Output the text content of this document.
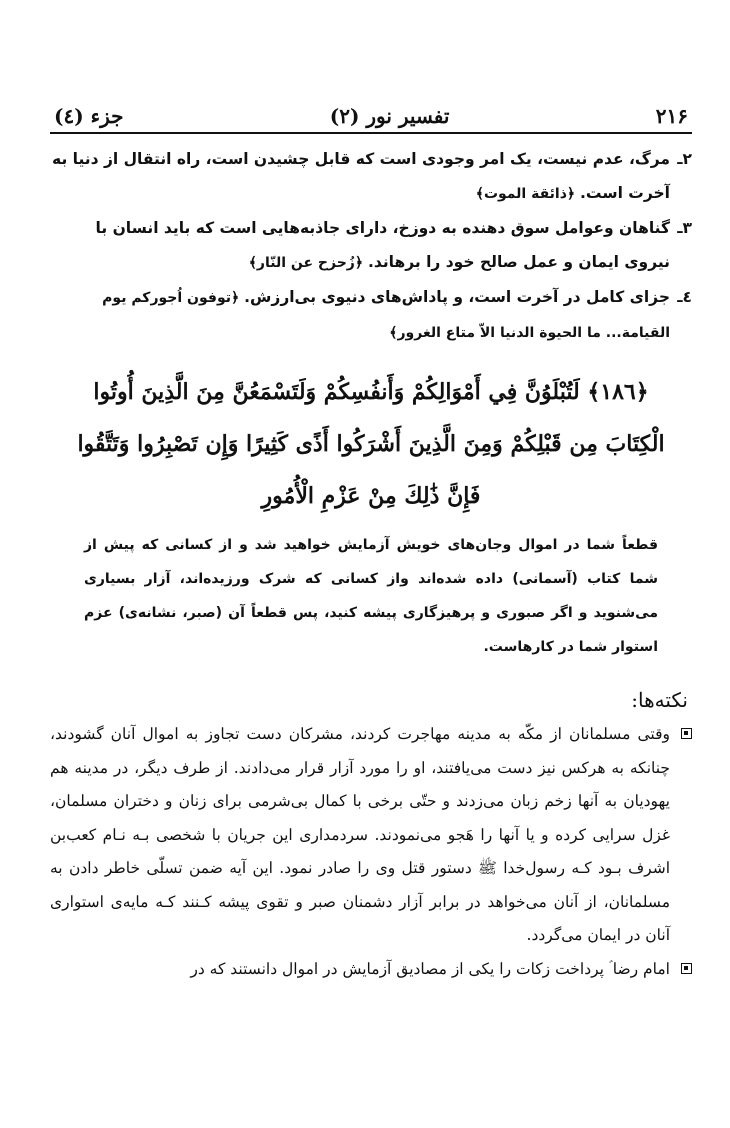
۲۱۶
تفسیر نور (۲)
جزء (٤)
٢ـ
مرگ، عدم نیست، یک امر وجودی است که قابل چشیدن است، راه انتقال از دنیا به آخرت است. ﴿ذائقة الموت﴾
٣ـ
گناهان وعوامل سوق دهنده به دوزخ، دارای جاذبه‌هایی است که باید انسان با نیروی ایمان و عمل صالح خود را برهاند. ﴿زُحزح عن النّار﴾
٤ـ
جزای کامل در آخرت است، و پاداش‌های دنیوی بی‌ارزش. ﴿توفون اُجورکم یوم القیامة... ما الحیوة الدنیا الاّ متاع الغرور﴾
﴿١٨٦﴾ لَتُبْلَوُنَّ فِي أَمْوَالِكُمْ وَأَنفُسِكُمْ وَلَتَسْمَعُنَّ مِنَ الَّذِينَ أُوتُوا الْكِتَابَ مِن قَبْلِكُمْ وَمِنَ الَّذِينَ أَشْرَكُوا أَذًى كَثِيرًا وَإِن تَصْبِرُوا وَتَتَّقُوا فَإِنَّ ذَٰلِكَ مِنْ عَزْمِ الْأُمُورِ
قطعاً شما در اموال وجان‌های خویش آزمایش خواهید شد و از کسانی که پیش از شما کتاب (آسمانی) داده شده‌اند واز کسانی که شرک ورزیده‌اند، آزار بسیاری می‌شنوید و اگر صبوری و پرهیزگاری پیشه کنید، پس قطعاً آن (صبر، نشانه‌ی) عزم استوار شما در کارهاست.
نکته‌ها:
وقتی مسلمانان از مکّه به مدینه مهاجرت کردند، مشرکان دست تجاوز به اموال آنان گشودند، چنانکه به هرکس نیز دست می‌یافتند، او را مورد آزار قرار می‌دادند. از طرف دیگر، در مدینه هم یهودیان به آنها زخم زبان می‌زدند و حتّی برخی با کمال بی‌شرمی برای زنان و دختران مسلمان، غزل سرایی کرده و یا آنها را هَجو می‌نمودند. سردمداری این جریان با شخصی بـه نـام کعب‌بن اشرف بـود کـه رسول‌خدا ﷺ دستور قتل وی را صادر نمود. این آیه ضمن تسلّی خاطر دادن به مسلمانان، از آنان می‌خواهد در برابر آزار دشمنان صبر و تقوی پیشه کـنند کـه مایه‌ی استواری آنان در ایمان می‌گردد.
امام رضا ؑ پرداخت زکات را یکی از مصادیق آزمایش در اموال دانستند که در
